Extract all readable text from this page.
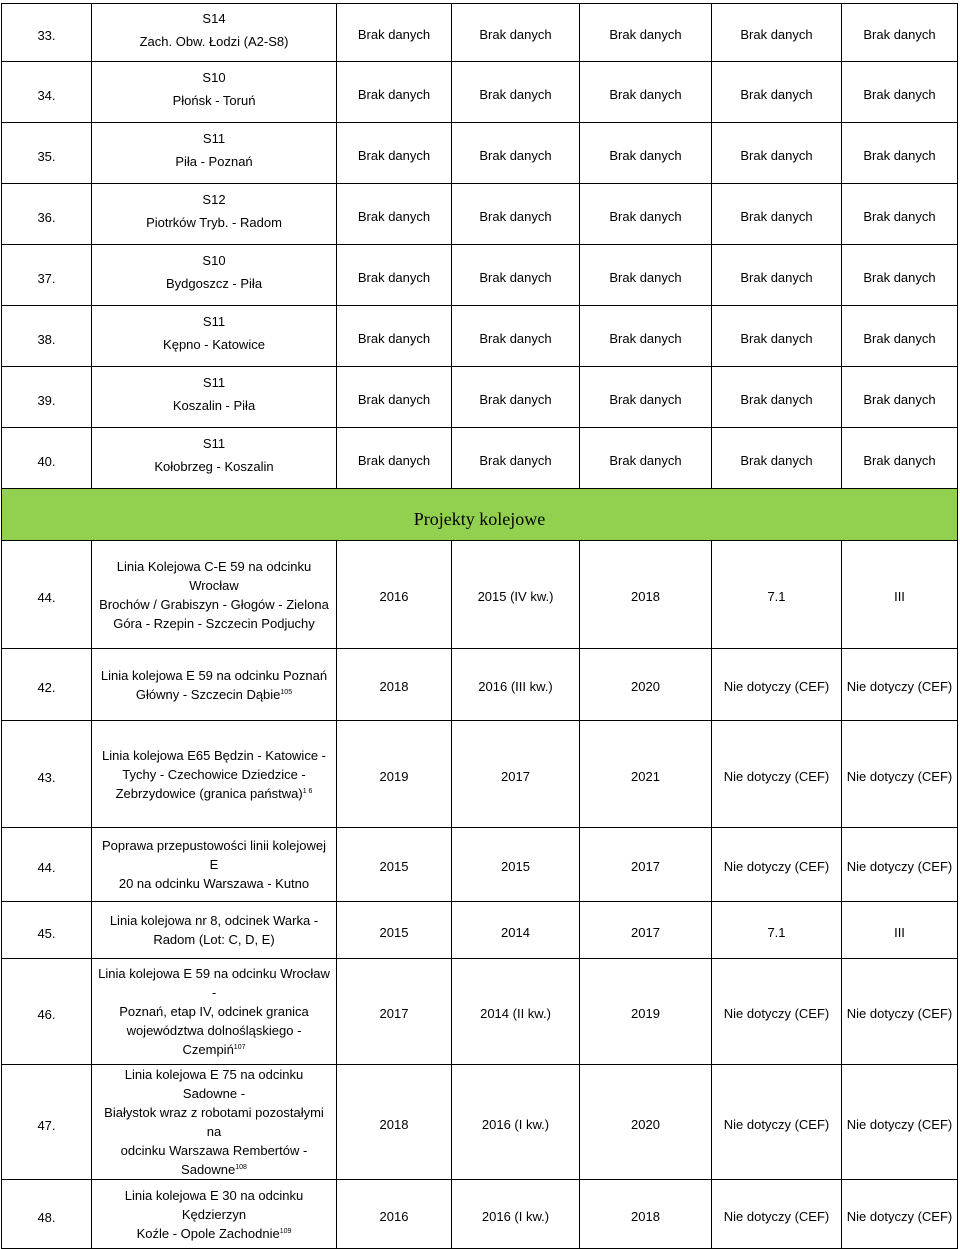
33.	S14
Zach. Obw. Łodzi (A2-S8)	Brak danych	Brak danych	Brak danych	Brak danych	Brak danych
34.	S10
Płońsk - Toruń	Brak danych	Brak danych	Brak danych	Brak danych	Brak danych
35.	S11
Piła - Poznań	Brak danych	Brak danych	Brak danych	Brak danych	Brak danych
36.	S12
Piotrków Tryb. - Radom	Brak danych	Brak danych	Brak danych	Brak danych	Brak danych
37.	S10
Bydgoszcz - Piła	Brak danych	Brak danych	Brak danych	Brak danych	Brak danych
38.	S11
Kępno - Katowice	Brak danych	Brak danych	Brak danych	Brak danych	Brak danych
39.	S11
Koszalin - Piła	Brak danych	Brak danych	Brak danych	Brak danych	Brak danych
40.	S11
Kołobrzeg - Koszalin	Brak danych	Brak danych	Brak danych	Brak danych	Brak danych
Projekty kolejowe						
44.	Linia Kolejowa C-E 59 na odcinku Wrocław
Brochów / Grabiszyn - Głogów - Zielona
Góra - Rzepin - Szczecin Podjuchy	2016	2015 (IV kw.)	2018	7.1	III
42.	Linia kolejowa E 59 na odcinku Poznań
Główny - Szczecin Dąbie$^{105}$	2018	2016 (III kw.)	2020	Nie dotyczy (CEF)	Nie dotyczy (CEF)
43.	Linia kolejowa E65 Będzin - Katowice -
Tychy - Czechowice Dziedzice -
Zebrzydowice (granica państwa)$^{1 6}$	2019	2017	2021	Nie dotyczy (CEF)	Nie dotyczy (CEF)
44.	Poprawa przepustowości linii kolejowej E
20 na odcinku Warszawa - Kutno	2015	2015	2017	Nie dotyczy (CEF)	Nie dotyczy (CEF)
45.	Linia kolejowa nr 8, odcinek Warka -
Radom (Lot: C, D, E)	2015	2014	2017	7.1	III
46.	Linia kolejowa E 59 na odcinku Wrocław -
Poznań, etap IV, odcinek granica
województwa dolnośląskiego - Czempiń$^{107}$	2017	2014 (II kw.)	2019	Nie dotyczy (CEF)	Nie dotyczy (CEF)
47.	Linia kolejowa E 75 na odcinku Sadowne -
Białystok wraz z robotami pozostałymi na
odcinku Warszawa Rembertów -
Sadowne$^{108}$	2018	2016 (I kw.)	2020	Nie dotyczy (CEF)	Nie dotyczy (CEF)
48.	Linia kolejowa E 30 na odcinku Kędzierzyn
Koźle - Opole Zachodnie$^{109}$	2016	2016 (I kw.)	2018	Nie dotyczy (CEF)	Nie dotyczy (CEF)
